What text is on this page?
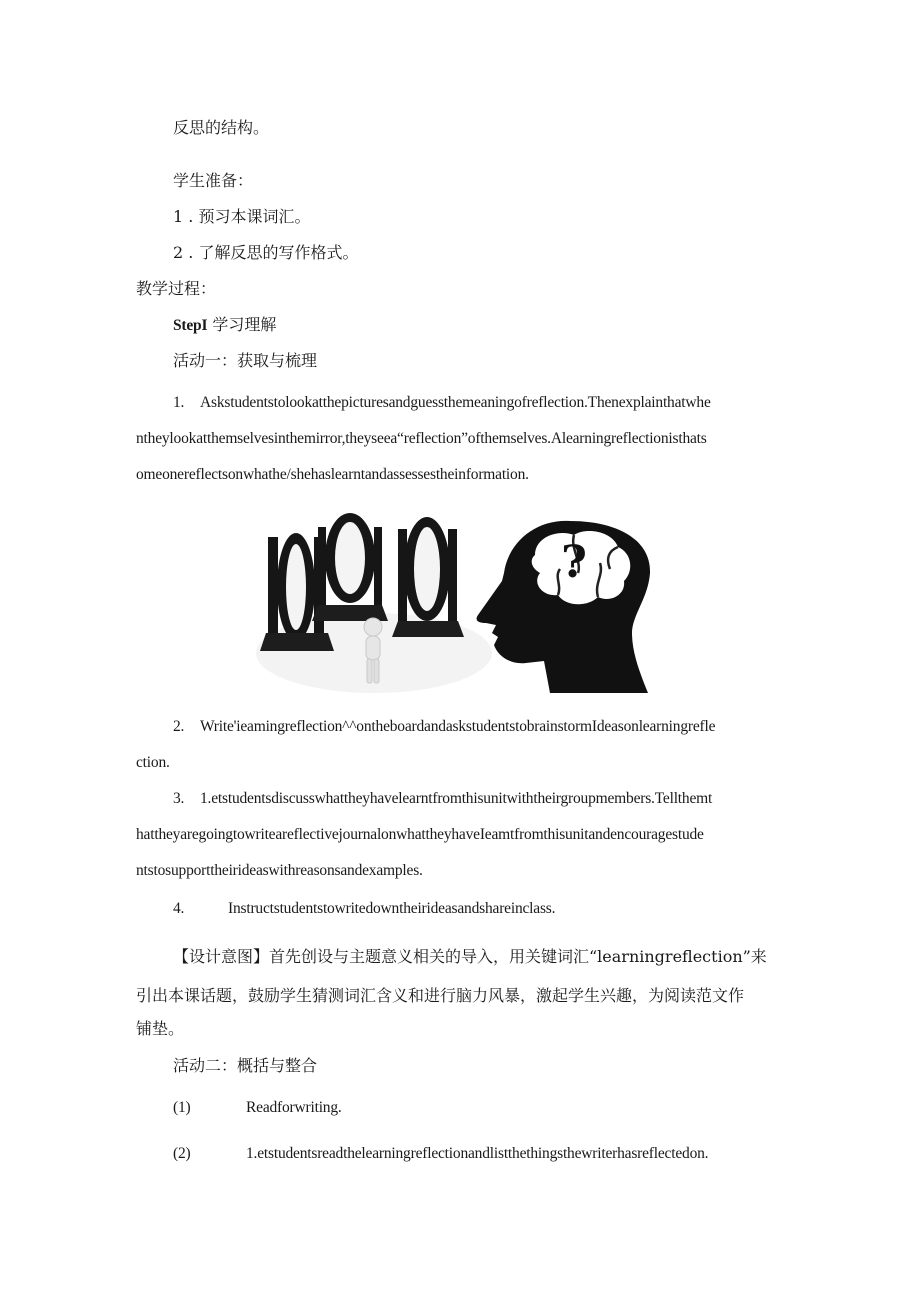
反思的结构。
学生准备：
1 . 预习本课词汇。
2 . 了解反思的写作格式。
教学过程：
StepI 学习理解
活动一：获取与梳理
1. Askstudentstolookatthepicturesandguessthemeaningofreflection.Thenexplainthatwhe
ntheylookatthemselvesinthemirror,theyseea“reflection”ofthemselves.Alearningreflectionisthats
omeonereflectsonwhathe/shehaslearntandassessestheinformation.
?
2. Write'ieamingreflection^^ontheboardandaskstudentstobrainstormIdeasonlearningrefle
ction.
3. 1.etstudentsdiscusswhattheyhavelearntfromthisunitwiththeirgroupmembers.Tellthemt
hattheyaregoingtowriteareflectivejournalonwhattheyhaveIeamtfromthisunitandencouragestude
ntstosupporttheirideaswithreasonsandexamples.
4.	Instructstudentstowritedowntheirideasandshareinclass.
【设计意图】首先创设与主题意义相关的导入，用关键词汇“learningreflection”来
引出本课话题，鼓励学生猜测词汇含义和进行脑力风暴，激起学生兴趣，为阅读范文作
铺垫。
活动二：概括与整合
(1)	Readforwriting.
(2)	1.etstudentsreadthelearningreflectionandlistthethingsthewriterhasreflectedon.
